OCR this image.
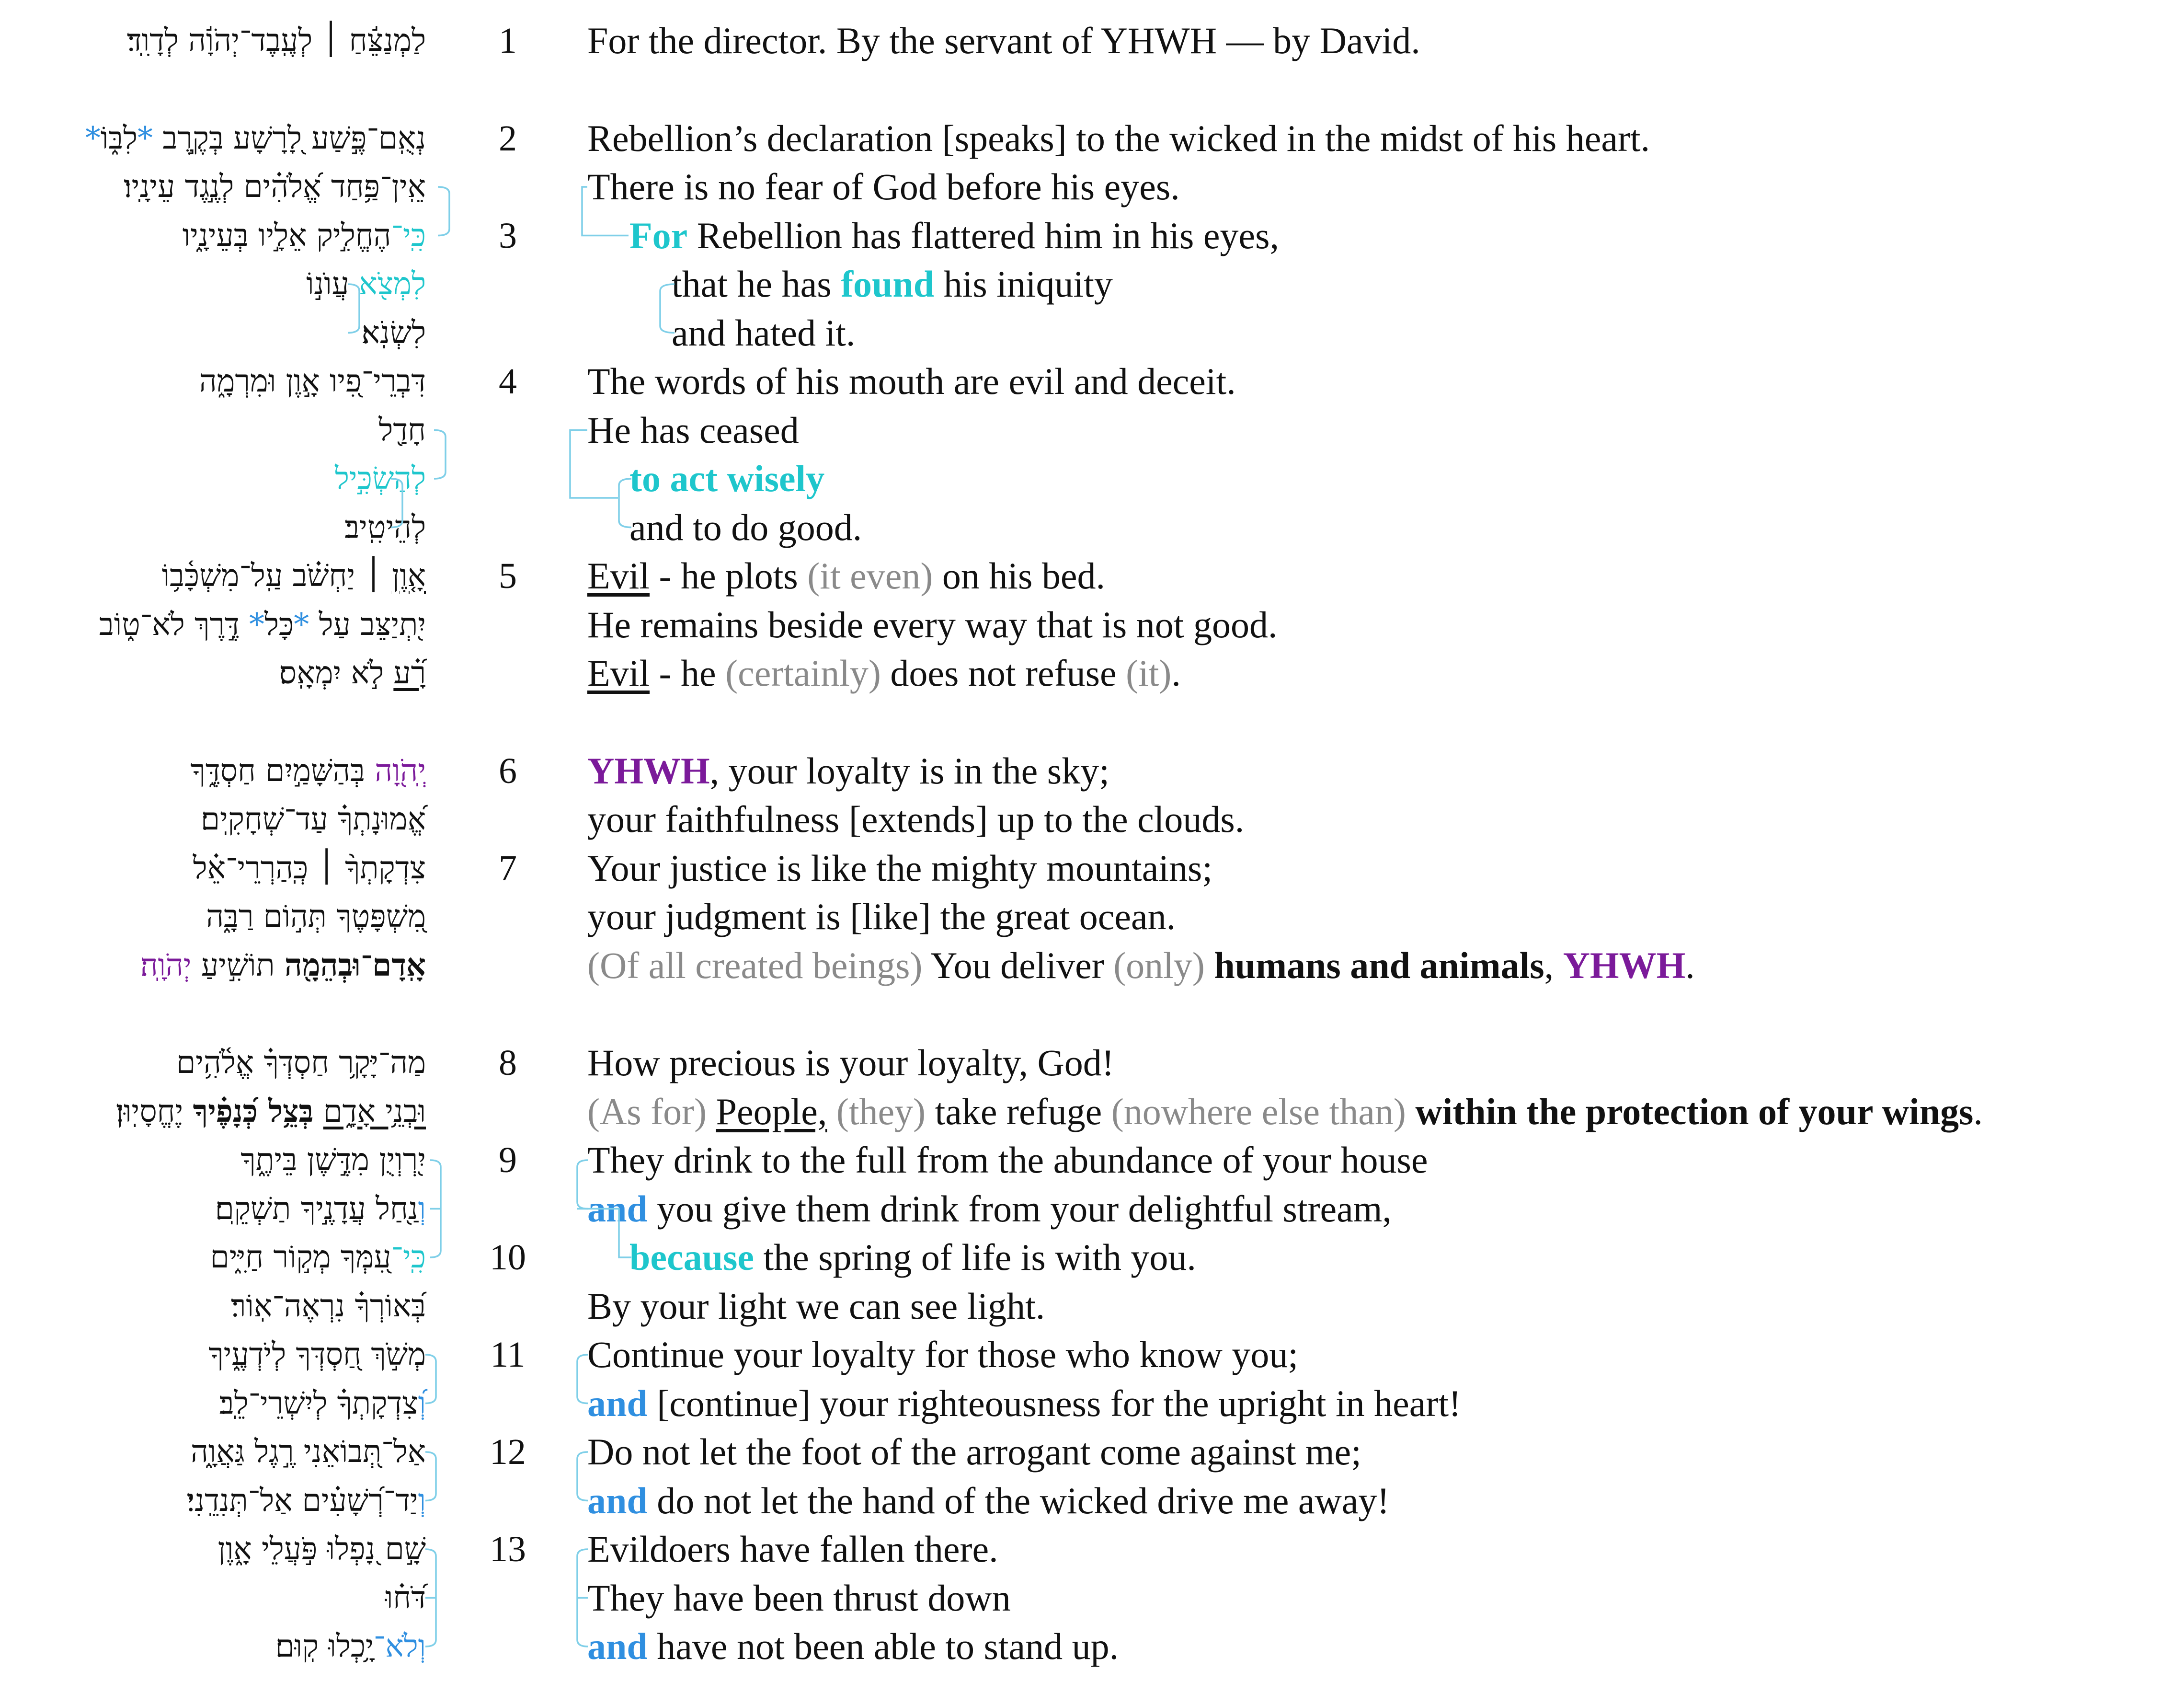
לַמְנַצֵּ֬חַ ׀ לְעֶֽבֶד־יְהֹוָ֬ה לְדָוִֽד׃	1	For the director. By the servant of YHWH — by David.
נְאֻֽם־פֶּ֣שַׁע לָ֭רָשָׁע בְּקֶ֣רֶב *לִבּ֑וֹ*	2	Rebellion’s declaration [speaks] to the wicked in the midst of his heart.
אֵֽין־פַּ֥חַד אֱ֝לֹהִ֗ים לְנֶ֣גֶד עֵינָֽיו׃	There is no fear of God before his eyes.
כִּֽי־הֶחֱלִ֣יק אֵלָ֣יו בְּעֵינָ֑יו	3	For Rebellion has flattered him in his eyes,
לִמְצֹ֖א עֲוֺנ֣וֹ	that he has found his iniquity
לִשְׂנֹֽא׃	and hated it.
דִּבְרֵי־פִ֭יו אָ֣וֶן וּמִרְמָ֑ה	4	The words of his mouth are evil and deceit.
חָדַ֖ל	He has ceased
לְהַשְׂכִּ֣יל	to act wisely
לְהֵיטִֽיב׃	and to do good.
אָ֤וֶן ׀ יַחְשֹׁ֗ב עַֽל־מִשְׁכָּ֫ב֥וֹ	5	Evil - he plots (it even) on his bed.
יִ֭תְיַצֵּב עַל *כָּל* דֶּ֣רֶךְ לֹא־ט֑וֹב	He remains beside every way that is not good.
רָ֝֗ע לֹ֣א יִמְאָֽס׃	Evil - he (certainly) does not refuse (it).
יְֽהֹוָ֭ה בְּהַשָּׁמַ֣יִם חַסְדֶּ֑ךָ	6	YHWH, your loyalty is in the sky;
אֱ֝מוּנָתְךָ֗ עַד־שְׁחָקִֽים׃	your faithfulness [extends] up to the clouds.
צִדְקָתְךָ֨ ׀ כְּֽהַרְרֵי־אֵ֗ל	7	Your justice is like the mighty mountains;
מִ֭שְׁפָּטֶךָ תְּה֣וֹם רַבָּ֑ה	your judgment is [like] the great ocean.
אָֽדָם־וּבְהֵמָ֖ה תוֹשִׁ֣יעַ יְהֹוָֽה׃	(Of all created beings) You deliver (only) humans and animals, YHWH.
מַה־יָּקָ֥ר חַסְדְּךָ֗ אֱלֹ֫הִ֥ים	8	How precious is your loyalty, God!
וּבְנֵ֥י אָדָ֑ם בְּצֵ֥ל כְּ֝נָפֶ֗יךָ יֶחֱסָיֽוּן׃	(As for) People, (they) take refuge (nowhere else than) within the protection of your wings.
יִ֭רְוְיֻן מִדֶּ֣שֶׁן בֵּיתֶ֑ךָ	9	They drink to the full from the abundance of your house
וְנַ֖חַל עֲדָנֶ֣יךָ תַשְׁקֵֽם׃	and you give them drink from your delightful stream,
כִּֽי־עִ֭מְּךָ מְק֣וֹר חַיִּ֑ים	10	because the spring of life is with you.
בְּ֝אוֹרְךָ֗ נִרְאֶה־אֽוֹר׃	By your light we can see light.
מְשֹׁ֣ךְ חַ֭סְדְּךָ לְיֹדְעֶ֑יךָ	11	Continue your loyalty for those who know you;
וְ֝צִדְקָתְךָ֗ לְיִשְׁרֵי־לֵֽב׃	and [continue] your righteousness for the upright in heart!
אַל־תְּ֭בוֹאֵנִי רֶ֣גֶל גַּאֲוָ֑ה	12	Do not let the foot of the arrogant come against me;
וְיַד־רְ֝שָׁעִ֗ים אַל־תְּנִדֵֽנִי׃	and do not let the hand of the wicked drive me away!
שָׁ֣ם נָ֭פְלוּ פֹּ֣עֲלֵי אָ֑וֶן	13	Evildoers have fallen there.
דֹּ֝ח֗וּ	They have been thrust down
וְלֹא־יָ֥כְלוּ קֽוּם׃	and have not been able to stand up.
